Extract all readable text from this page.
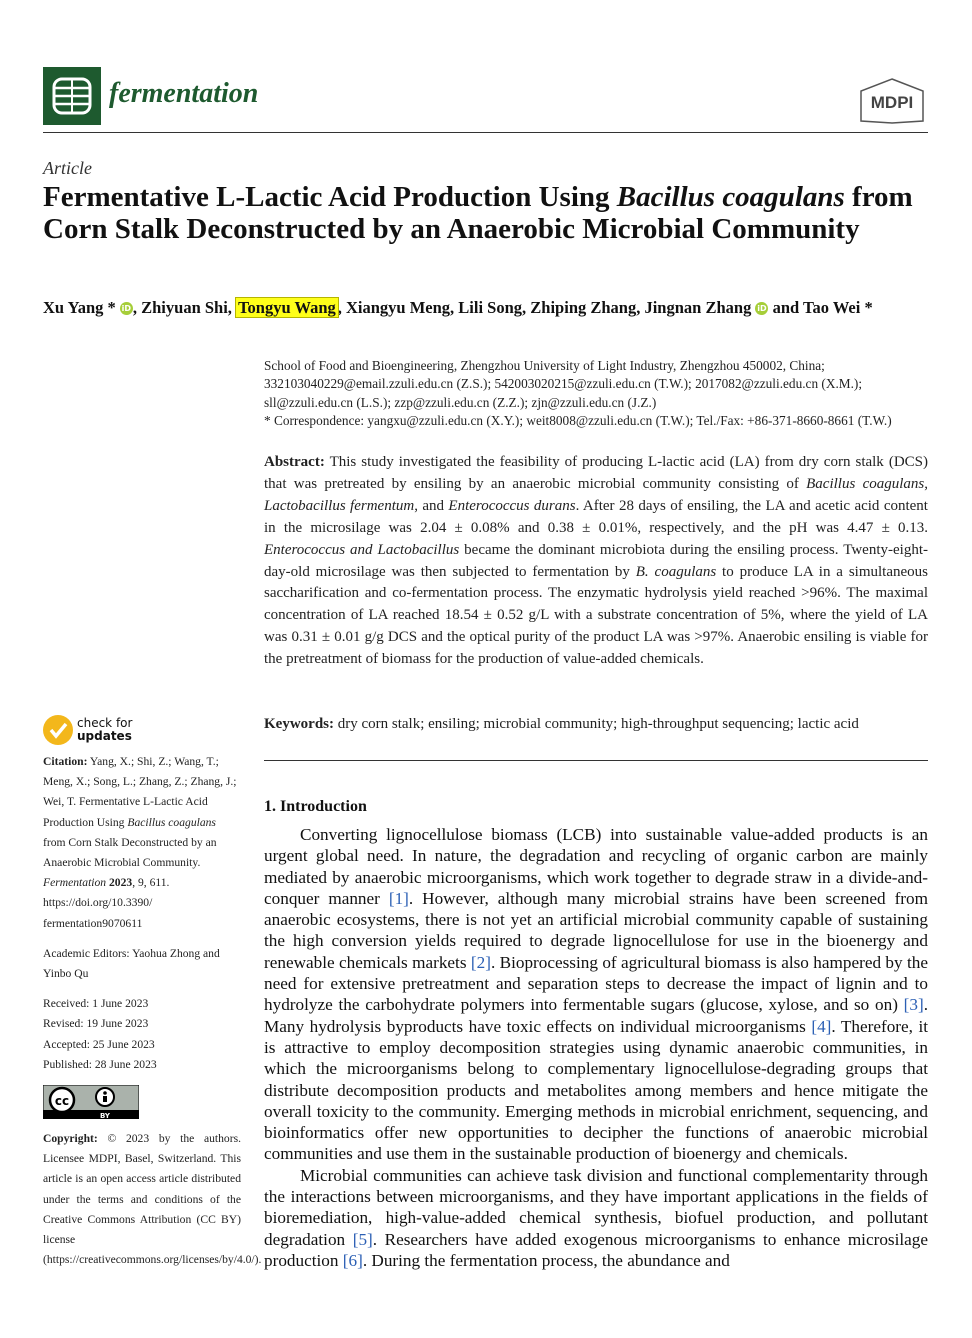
fermentation	MDPI
Article
Fermentative L-Lactic Acid Production Using Bacillus coagulans from Corn Stalk Deconstructed by an Anaerobic Microbial Community
Xu Yang * iD , Zhiyuan Shi, Tongyu Wang , Xiangyu Meng, Lili Song, Zhiping Zhang, Jingnan Zhang iD and Tao Wei *
School of Food and Bioengineering, Zhengzhou University of Light Industry, Zhengzhou 450002, China;
332103040229@email.zzuli.edu.cn (Z.S.); 542003020215@zzuli.edu.cn (T.W.); 2017082@zzuli.edu.cn (X.M.);
sll@zzuli.edu.cn (L.S.); zzp@zzuli.edu.cn (Z.Z.); zjn@zzuli.edu.cn (J.Z.)
* Correspondence: yangxu@zzuli.edu.cn (X.Y.); weit8008@zzuli.edu.cn (T.W.); Tel./Fax: +86-371-8660-8661 (T.W.)
Abstract: This study investigated the feasibility of producing L-lactic acid (LA) from dry corn stalk (DCS) that was pretreated by ensiling by an anaerobic microbial community consisting of Bacillus coagulans, Lactobacillus fermentum, and Enterococcus durans. After 28 days of ensiling, the LA and acetic acid content in the microsilage was 2.04 ± 0.08% and 0.38 ± 0.01%, respectively, and the pH was 4.47 ± 0.13. Enterococcus and Lactobacillus became the dominant microbiota during the ensiling process. Twenty-eight-day-old microsilage was then subjected to fermentation by B. coagulans to produce LA in a simultaneous saccharification and co-fermentation process. The enzymatic hydrolysis yield reached >96%. The maximal concentration of LA reached 18.54 ± 0.52 g/L with a substrate concentration of 5%, where the yield of LA was 0.31 ± 0.01 g/g DCS and the optical purity of the product LA was >97%. Anaerobic ensiling is viable for the pretreatment of biomass for the production of value-added chemicals.
Keywords: dry corn stalk; ensiling; microbial community; high-throughput sequencing; lactic acid
1. Introduction

Converting lignocellulose biomass (LCB) into sustainable value-added products is an urgent global need. In nature, the degradation and recycling of organic carbon are mainly mediated by anaerobic microorganisms, which work together to degrade straw in a divide-and-conquer manner [1]. However, although many microbial strains have been screened from anaerobic ecosystems, there is not yet an artificial microbial community capable of sustaining the high conversion yields required to degrade lignocellulose for use in the bioenergy and renewable chemicals markets [2]. Bioprocessing of agricultural biomass is also hampered by the need for extensive pretreatment and separation steps to decrease the impact of lignin and to hydrolyze the carbohydrate polymers into fermentable sugars (glucose, xylose, and so on) [3]. Many hydrolysis byproducts have toxic effects on individual microorganisms [4]. Therefore, it is attractive to employ decomposition strategies using dynamic anaerobic communities, in which the microorganisms belong to complementary lignocellulose-degrading groups that distribute decomposition products and metabolites among members and hence mitigate the overall toxicity to the community. Emerging methods in microbial enrichment, sequencing, and bioinformatics offer new opportunities to decipher the functions of anaerobic microbial communities and use them in the sustainable production of bioenergy and chemicals.

Microbial communities can achieve task division and functional complementarity through the interactions between microorganisms, and they have important applications in the fields of bioremediation, high-value-added chemical synthesis, biofuel production, and pollutant degradation [5]. Researchers have added exogenous microorganisms to enhance microsilage production [6]. During the fermentation process, the abundance and

check for
updates
Citation: Yang, X.; Shi, Z.; Wang, T.; Meng, X.; Song, L.; Zhang, Z.; Zhang, J.; Wei, T. Fermentative L-Lactic Acid Production Using Bacillus coagulans from Corn Stalk Deconstructed by an Anaerobic Microbial Community. Fermentation 2023, 9, 611.
https://doi.org/10.3390/
fermentation9070611
Academic Editors: Yaohua Zhong and Yinbo Qu
Received: 1 June 2023
Revised: 19 June 2023
Accepted: 25 June 2023
Published: 28 June 2023
cc
BY
Copyright: © 2023 by the authors. Licensee MDPI, Basel, Switzerland. This article is an open access article distributed under the terms and conditions of the Creative Commons Attribution (CC BY) license (https://creativecommons.org/licenses/by/4.0/).
